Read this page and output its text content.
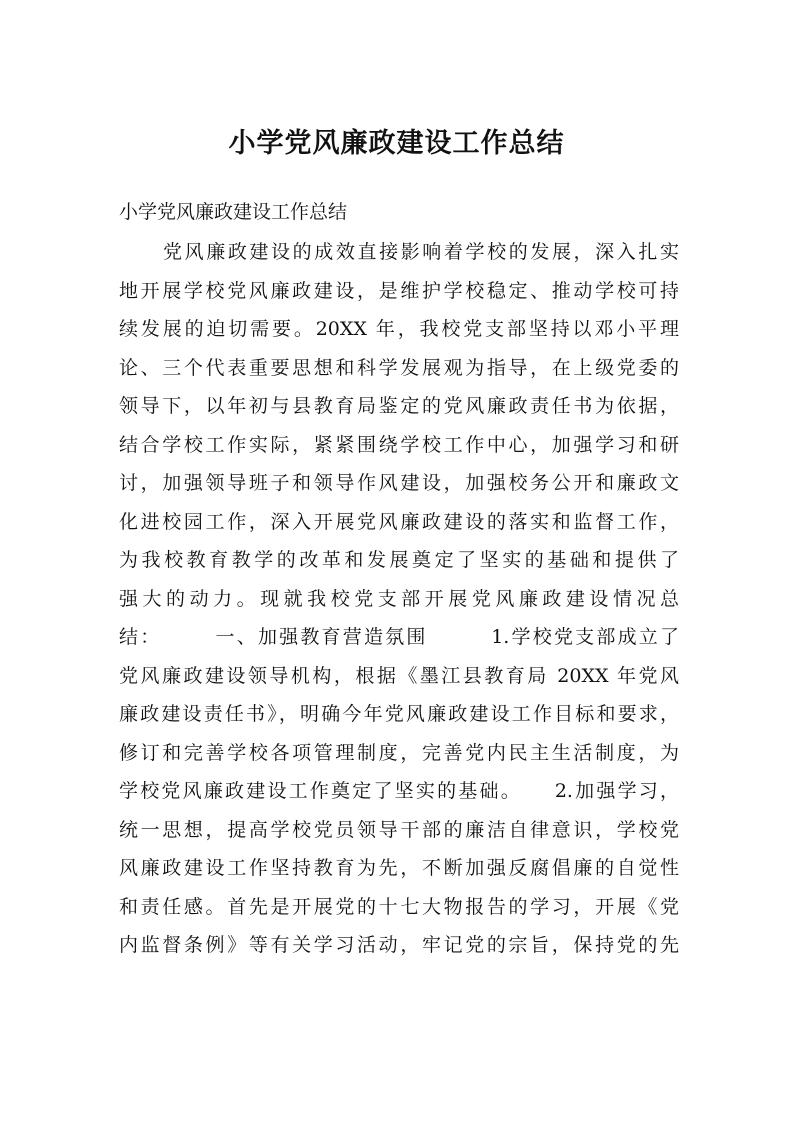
小学党风廉政建设工作总结

小学党风廉政建设工作总结

党风廉政建设的成效直接影响着学校的发展，深入扎实
地开展学校党风廉政建设，是维护学校稳定、推动学校可持
续发展的迫切需要。20XX 年，我校党支部坚持以邓小平理
论、三个代表重要思想和科学发展观为指导，在上级党委的
领导下，以年初与县教育局鉴定的党风廉政责任书为依据，
结合学校工作实际，紧紧围绕学校工作中心，加强学习和研
讨，加强领导班子和领导作风建设，加强校务公开和廉政文
化进校园工作，深入开展党风廉政建设的落实和监督工作，
为我校教育教学的改革和发展奠定了坚实的基础和提供了
强大的动力。现就我校党支部开展党风廉政建设情况总
结：　　　一、加强教育营造氛围　　　1.学校党支部成立了
党风廉政建设领导机构，根据《墨江县教育局 20XX 年党风
廉政建设责任书》，明确今年党风廉政建设工作目标和要求，
修订和完善学校各项管理制度，完善党内民主生活制度，为
学校党风廉政建设工作奠定了坚实的基础。　　2.加强学习，
统一思想，提高学校党员领导干部的廉洁自律意识，学校党
风廉政建设工作坚持教育为先，不断加强反腐倡廉的自觉性
和责任感。首先是开展党的十七大物报告的学习，开展《党
内监督条例》等有关学习活动，牢记党的宗旨，保持党的先
